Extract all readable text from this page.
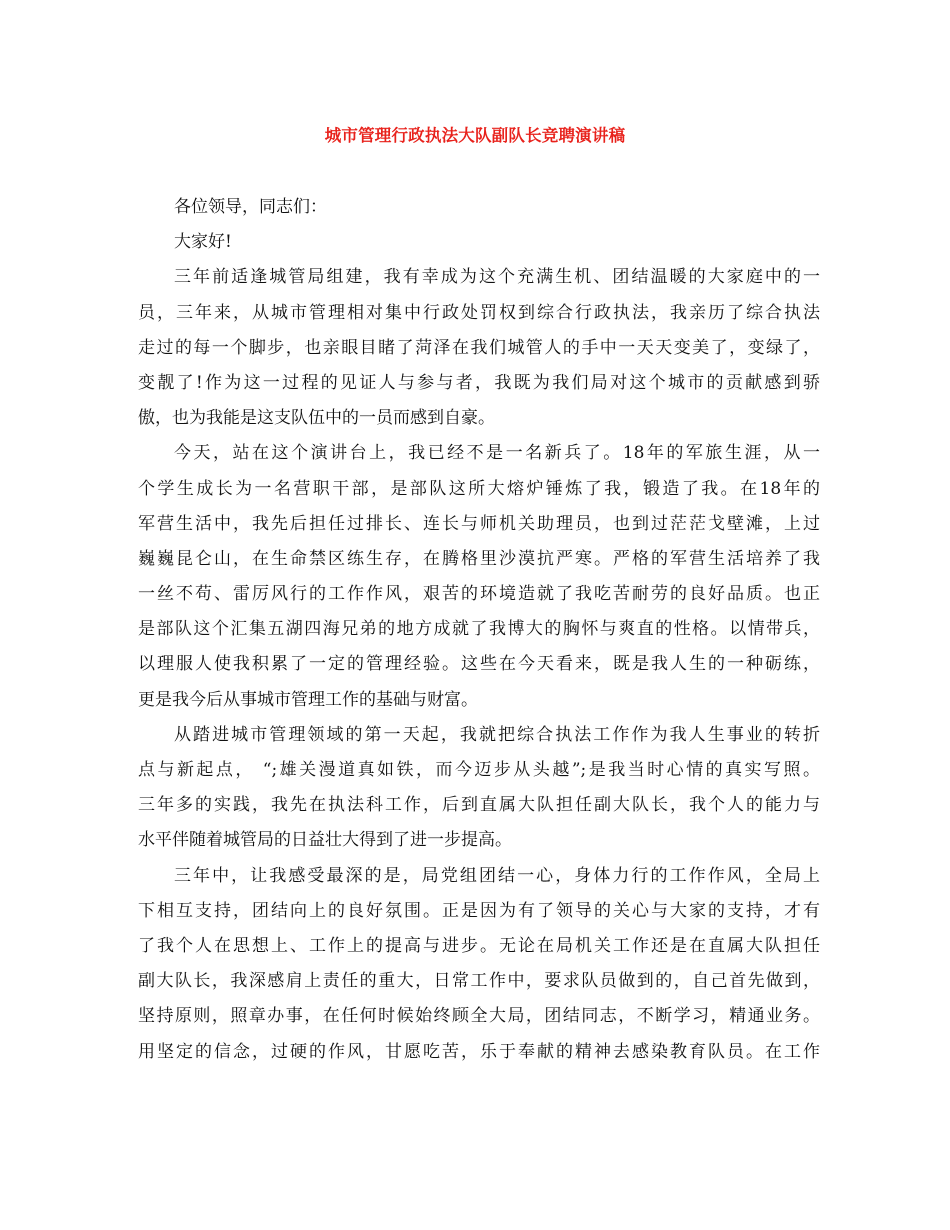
城市管理行政执法大队副队长竞聘演讲稿
各位领导，同志们：
大家好!
三年前适逢城管局组建，我有幸成为这个充满生机、团结温暖的大家庭中的一
员，三年来，从城市管理相对集中行政处罚权到综合行政执法，我亲历了综合执法
走过的每一个脚步，也亲眼目睹了菏泽在我们城管人的手中一天天变美了，变绿了，
变靓了!作为这一过程的见证人与参与者，我既为我们局对这个城市的贡献感到骄
傲，也为我能是这支队伍中的一员而感到自豪。
今天，站在这个演讲台上，我已经不是一名新兵了。18年的军旅生涯，从一
个学生成长为一名营职干部，是部队这所大熔炉锤炼了我，锻造了我。在18年的
军营生活中，我先后担任过排长、连长与师机关助理员，也到过茫茫戈壁滩，上过
巍巍昆仑山，在生命禁区练生存，在腾格里沙漠抗严寒。严格的军营生活培养了我
一丝不苟、雷厉风行的工作作风，艰苦的环境造就了我吃苦耐劳的良好品质。也正
是部队这个汇集五湖四海兄弟的地方成就了我博大的胸怀与爽直的性格。以情带兵，
以理服人使我积累了一定的管理经验。这些在今天看来，既是我人生的一种砺练，
更是我今后从事城市管理工作的基础与财富。
从踏进城市管理领域的第一天起，我就把综合执法工作作为我人生事业的转折
点与新起点， “;雄关漫道真如铁，而今迈步从头越”;是我当时心情的真实写照。
三年多的实践，我先在执法科工作，后到直属大队担任副大队长，我个人的能力与
水平伴随着城管局的日益壮大得到了进一步提高。
三年中，让我感受最深的是，局党组团结一心，身体力行的工作作风，全局上
下相互支持，团结向上的良好氛围。正是因为有了领导的关心与大家的支持，才有
了我个人在思想上、工作上的提高与进步。无论在局机关工作还是在直属大队担任
副大队长，我深感肩上责任的重大，日常工作中，要求队员做到的，自己首先做到，
坚持原则，照章办事，在任何时候始终顾全大局，团结同志，不断学习，精通业务。
用坚定的信念，过硬的作风，甘愿吃苦，乐于奉献的精神去感染教育队员。在工作
